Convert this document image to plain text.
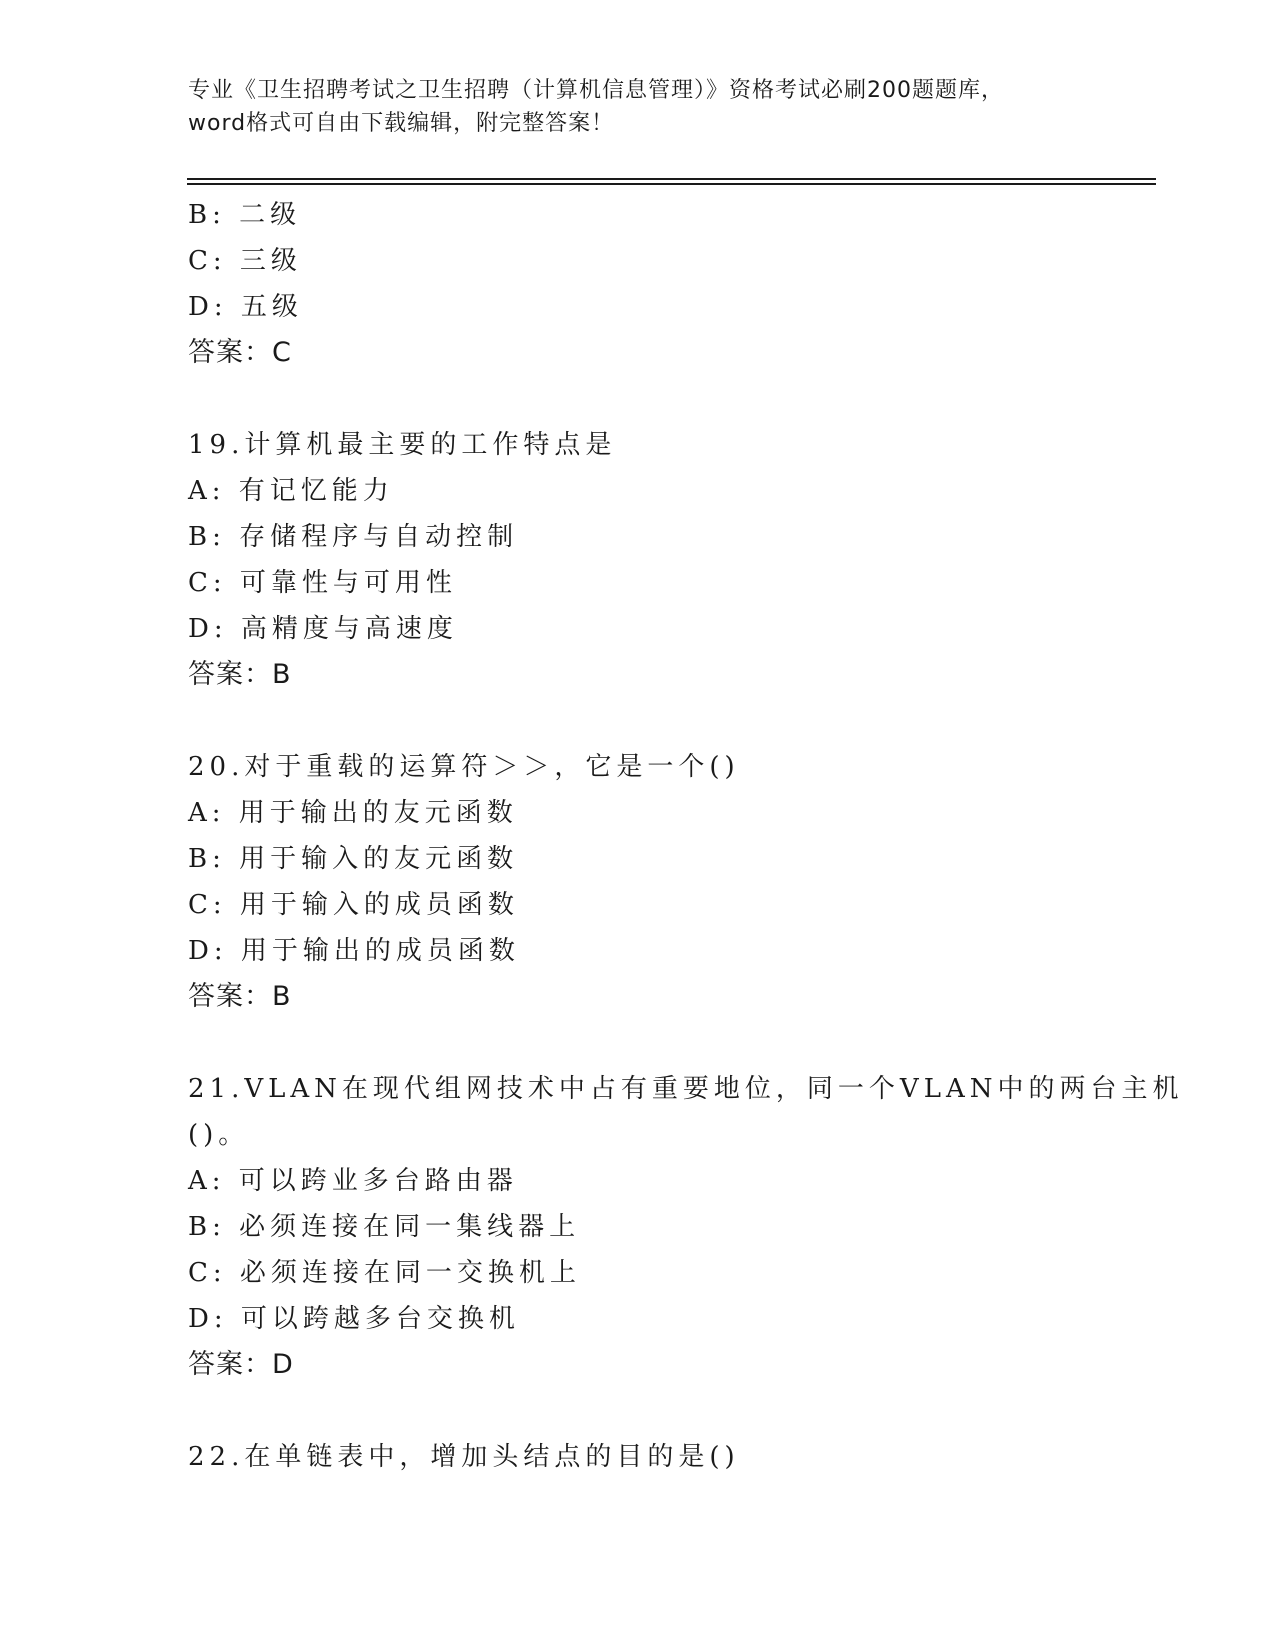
专业《卫生招聘考试之卫生招聘（计算机信息管理）》资格考试必刷200题题库，
word格式可自由下载编辑，附完整答案！
B: 二级
C: 三级
D: 五级
答案：C
19.计算机最主要的工作特点是
A: 有记忆能力
B: 存储程序与自动控制
C: 可靠性与可用性
D: 高精度与高速度
答案：B
20.对于重载的运算符＞＞，它是一个()
A: 用于输出的友元函数
B: 用于输入的友元函数
C: 用于输入的成员函数
D: 用于输出的成员函数
答案：B
21.VLAN在现代组网技术中占有重要地位，同一个VLAN中的两台主机
()。
A: 可以跨业多台路由器
B: 必须连接在同一集线器上
C: 必须连接在同一交换机上
D: 可以跨越多台交换机
答案：D
22.在单链表中，增加头结点的目的是()
